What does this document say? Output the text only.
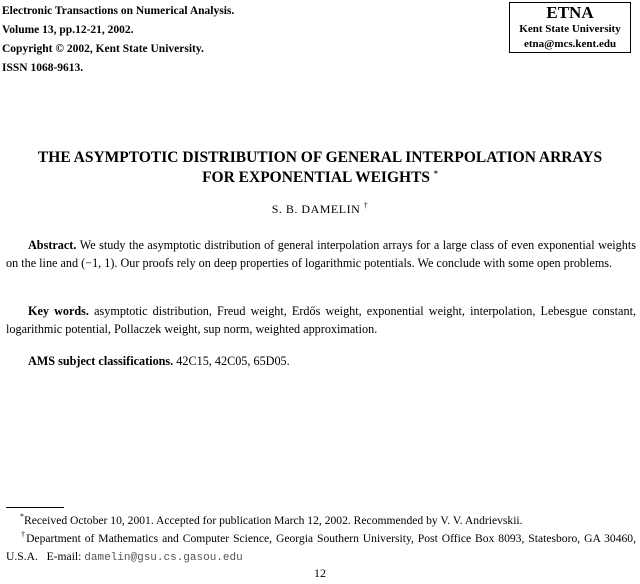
Electronic Transactions on Numerical Analysis.
Volume 13, pp.12-21, 2002.
Copyright © 2002, Kent State University.
ISSN 1068-9613.
ETNA
Kent State University
etna@mcs.kent.edu
THE ASYMPTOTIC DISTRIBUTION OF GENERAL INTERPOLATION ARRAYS
FOR EXPONENTIAL WEIGHTS *
S. B. DAMELIN †
Abstract. We study the asymptotic distribution of general interpolation arrays for a large class of even exponential weights on the line and (−1, 1). Our proofs rely on deep properties of logarithmic potentials. We conclude with some open problems.
Key words. asymptotic distribution, Freud weight, Erdős weight, exponential weight, interpolation, Lebesgue constant, logarithmic potential, Pollaczek weight, sup norm, weighted approximation.
AMS subject classifications. 42C15, 42C05, 65D05.
*Received October 10, 2001. Accepted for publication March 12, 2002. Recommended by V. V. Andrievskii.
†Department of Mathematics and Computer Science, Georgia Southern University, Post Office Box 8093, Statesboro, GA 30460, U.S.A. E-mail: damelin@gsu.cs.gasou.edu
12
